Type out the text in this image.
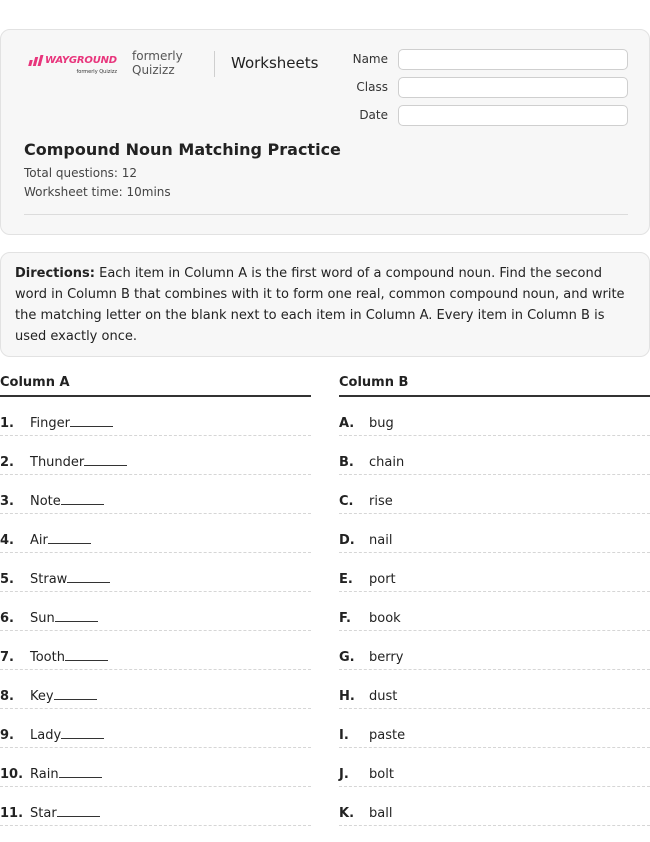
WAYGROUND
formerly Quizizz
formerly Quizizz	Worksheets	Name
Class
Date
Compound Noun Matching Practice
Total questions: 12
Worksheet time: 10mins
Directions: Each item in Column A is the first word of a compound noun. Find the second word in Column B that combines with it to form one real, common compound noun, and write the matching letter on the blank next to each item in Column A. Every item in Column B is used exactly once.
Column A
1. Finger
2. Thunder
3. Note
4. Air
5. Straw
6. Sun
7. Tooth
8. Key
9. Lady
10. Rain
11. Star
Column B
A. bug
B. chain
C. rise
D. nail
E. port
F. book
G. berry
H. dust
I. paste
J. bolt
K. ball
